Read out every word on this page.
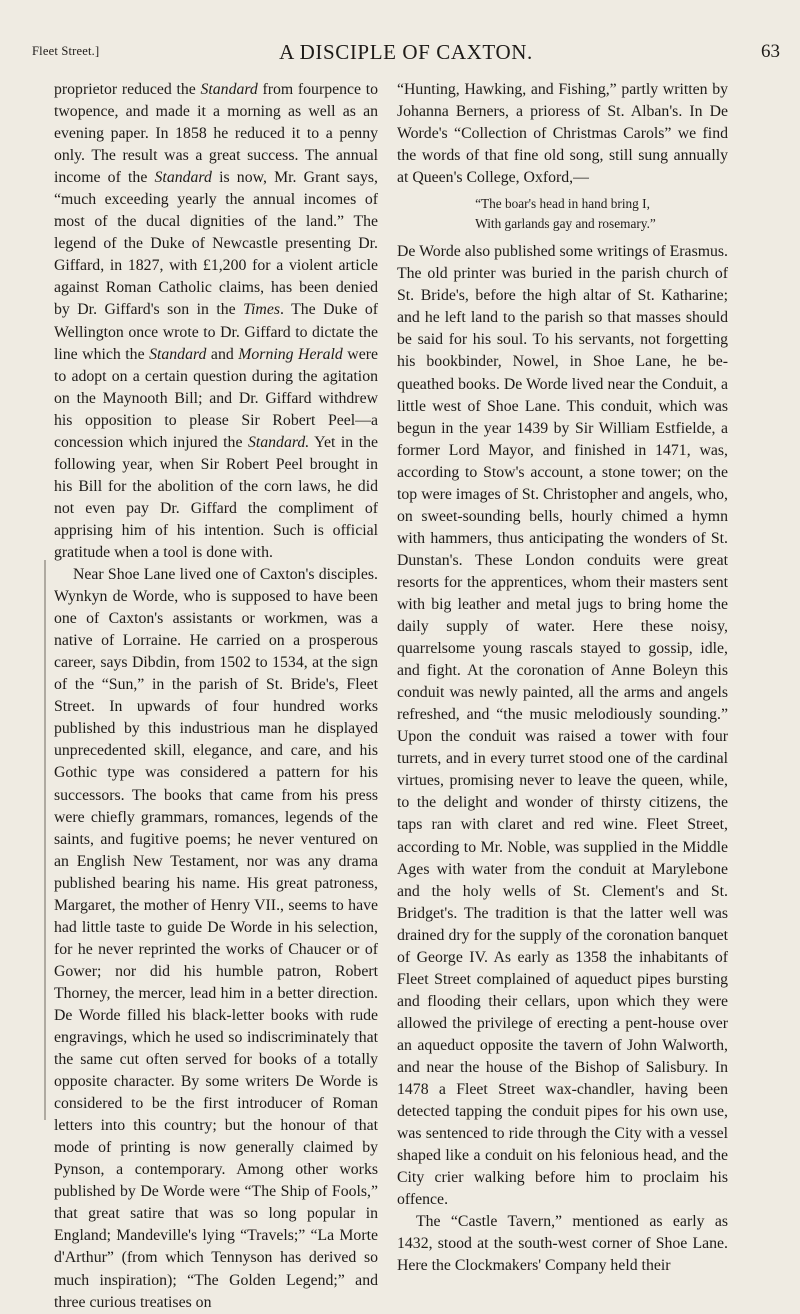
Fleet Street.]	A DISCIPLE OF CAXTON.	63

proprietor reduced the Standard from fourpence to twopence, and made it a morning as well as an evening paper. In 1858 he reduced it to a penny only. The result was a great success. The annual income of the Standard is now, Mr. Grant says, “much exceeding yearly the annual incomes of most of the ducal dignities of the land.” The legend of the Duke of Newcastle presenting Dr. Giffard, in 1827, with £1,200 for a violent article against Roman Catholic claims, has been denied by Dr. Giffard's son in the Times. The Duke of Wellington once wrote to Dr. Giffard to dictate the line which the Standard and Morning Herald were to adopt on a certain question during the agitation on the Maynooth Bill; and Dr. Giffard withdrew his opposition to please Sir Robert Peel—a concession which injured the Standard. Yet in the following year, when Sir Robert Peel brought in his Bill for the abolition of the corn laws, he did not even pay Dr. Giffard the compliment of apprising him of his intention. Such is official gratitude when a tool is done with.

Near Shoe Lane lived one of Caxton's disciples. Wynkyn de Worde, who is supposed to have been one of Caxton's assistants or workmen, was a native of Lorraine. He carried on a prosperous career, says Dibdin, from 1502 to 1534, at the sign of the “Sun,” in the parish of St. Bride's, Fleet Street. In upwards of four hundred works published by this industrious man he displayed unprecedented skill, elegance, and care, and his Gothic type was considered a pattern for his successors. The books that came from his press were chiefly grammars, romances, legends of the saints, and fugitive poems; he never ventured on an English New Testament, nor was any drama published bearing his name. His great patroness, Margaret, the mother of Henry VII., seems to have had little taste to guide De Worde in his selection, for he never reprinted the works of Chaucer or of Gower; nor did his humble patron, Robert Thorney, the mercer, lead him in a better direction. De Worde filled his black-letter books with rude engravings, which he used so indiscriminately that the same cut often served for books of a totally opposite character. By some writers De Worde is considered to be the first introducer of Roman letters into this country; but the honour of that mode of printing is now generally claimed by Pynson, a contemporary. Among other works published by De Worde were “The Ship of Fools,” that great satire that was so long popular in England; Mandeville's lying “Travels;” “La Morte d'Arthur” (from which Tennyson has derived so much inspiration); “The Golden Legend;” and three curious treatises on

“Hunting, Hawking, and Fishing,” partly written by Johanna Berners, a prioress of St. Alban's. In De Worde's “Collection of Christmas Carols” we find the words of that fine old song, still sung annually at Queen's College, Oxford,—

“The boar's head in hand bring I,
With garlands gay and rosemary.”

De Worde also published some writings of Erasmus. The old printer was buried in the parish church of St. Bride's, before the high altar of St. Katharine; and he left land to the parish so that masses should be said for his soul. To his servants, not forgetting his bookbinder, Nowel, in Shoe Lane, he bequeathed books. De Worde lived near the Conduit, a little west of Shoe Lane. This conduit, which was begun in the year 1439 by Sir William Estfielde, a former Lord Mayor, and finished in 1471, was, according to Stow's account, a stone tower; on the top were images of St. Christopher and angels, who, on sweet-sounding bells, hourly chimed a hymn with hammers, thus anticipating the wonders of St. Dunstan's. These London conduits were great resorts for the apprentices, whom their masters sent with big leather and metal jugs to bring home the daily supply of water. Here these noisy, quarrelsome young rascals stayed to gossip, idle, and fight. At the coronation of Anne Boleyn this conduit was newly painted, all the arms and angels refreshed, and “the music melodiously sounding.” Upon the conduit was raised a tower with four turrets, and in every turret stood one of the cardinal virtues, promising never to leave the queen, while, to the delight and wonder of thirsty citizens, the taps ran with claret and red wine. Fleet Street, according to Mr. Noble, was supplied in the Middle Ages with water from the conduit at Marylebone and the holy wells of St. Clement's and St. Bridget's. The tradition is that the latter well was drained dry for the supply of the coronation banquet of George IV. As early as 1358 the inhabitants of Fleet Street complained of aqueduct pipes bursting and flooding their cellars, upon which they were allowed the privilege of erecting a pent-house over an aqueduct opposite the tavern of John Walworth, and near the house of the Bishop of Salisbury. In 1478 a Fleet Street wax-chandler, having been detected tapping the conduit pipes for his own use, was sentenced to ride through the City with a vessel shaped like a conduit on his felonious head, and the City crier walking before him to proclaim his offence.

The “Castle Tavern,” mentioned as early as 1432, stood at the south-west corner of Shoe Lane. Here the Clockmakers' Company held their
